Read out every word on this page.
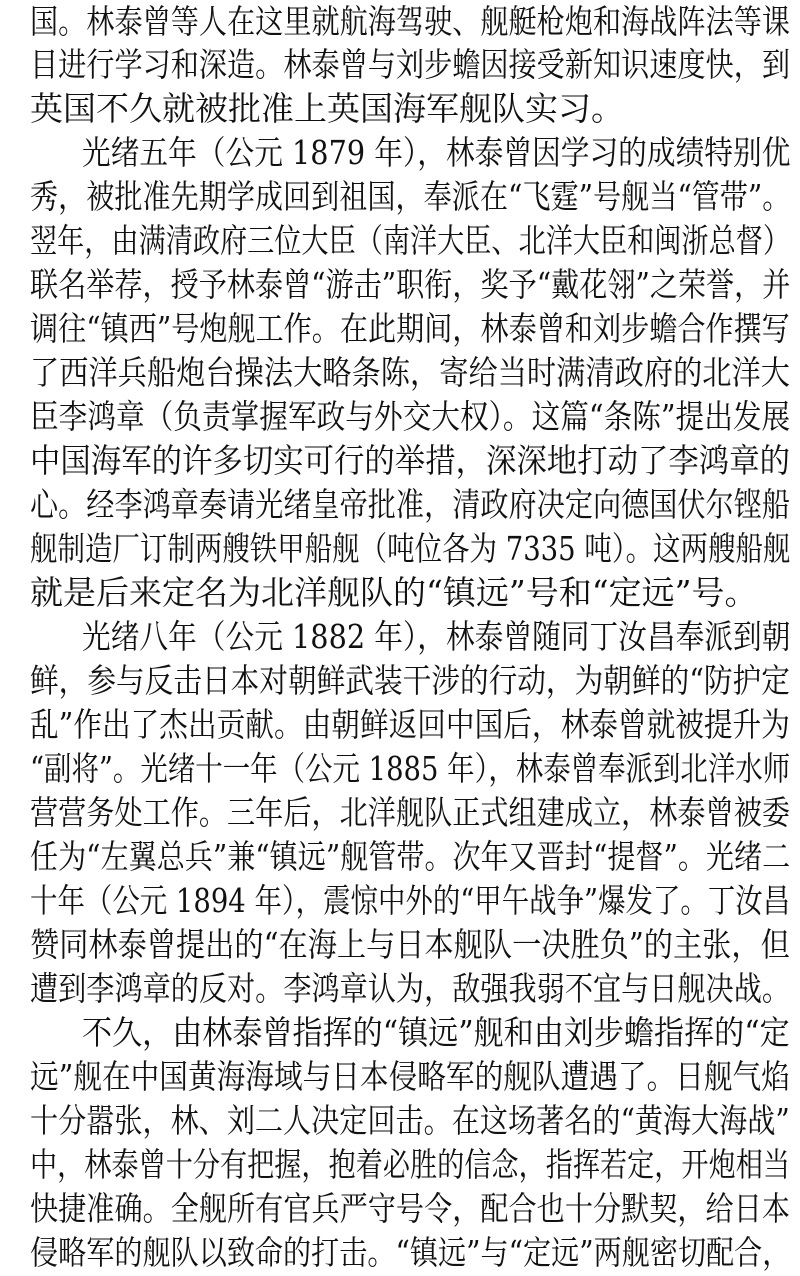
国。林泰曾等人在这里就航海驾驶、舰艇枪炮和海战阵法等课
目进行学习和深造。林泰曾与刘步蟾因接受新知识速度快，到
英国不久就被批准上英国海军舰队实习。
光绪五年（公元 1879 年），林泰曾因学习的成绩特别优
秀，被批准先期学成回到祖国，奉派在“飞霆”号舰当“管带”。
翌年，由满清政府三位大臣（南洋大臣、北洋大臣和闽浙总督）
联名举荐，授予林泰曾“游击”职衔，奖予“戴花翎”之荣誉，并
调往“镇西”号炮舰工作。在此期间，林泰曾和刘步蟾合作撰写
了西洋兵船炮台操法大略条陈，寄给当时满清政府的北洋大
臣李鸿章（负责掌握军政与外交大权）。这篇“条陈”提出发展
中国海军的许多切实可行的举措，深深地打动了李鸿章的
心。经李鸿章奏请光绪皇帝批准，清政府决定向德国伏尔铿船
舰制造厂订制两艘铁甲船舰（吨位各为 7335 吨）。这两艘船舰
就是后来定名为北洋舰队的“镇远”号和“定远”号。
光绪八年（公元 1882 年），林泰曾随同丁汝昌奉派到朝
鲜，参与反击日本对朝鲜武装干涉的行动，为朝鲜的“防护定
乱”作出了杰出贡献。由朝鲜返回中国后，林泰曾就被提升为
“副将”。光绪十一年（公元 1885 年），林泰曾奉派到北洋水师
营营务处工作。三年后，北洋舰队正式组建成立，林泰曾被委
任为“左翼总兵”兼“镇远”舰管带。次年又晋封“提督”。光绪二
十年（公元 1894 年），震惊中外的“甲午战争”爆发了。丁汝昌
赞同林泰曾提出的“在海上与日本舰队一决胜负”的主张，但
遭到李鸿章的反对。李鸿章认为，敌强我弱不宜与日舰决战。
不久，由林泰曾指挥的“镇远”舰和由刘步蟾指挥的“定
远”舰在中国黄海海域与日本侵略军的舰队遭遇了。日舰气焰
十分嚣张，林、刘二人决定回击。在这场著名的“黄海大海战”
中，林泰曾十分有把握，抱着必胜的信念，指挥若定，开炮相当
快捷准确。全舰所有官兵严守号令，配合也十分默契，给日本
侵略军的舰队以致命的打击。“镇远”与“定远”两舰密切配合，
